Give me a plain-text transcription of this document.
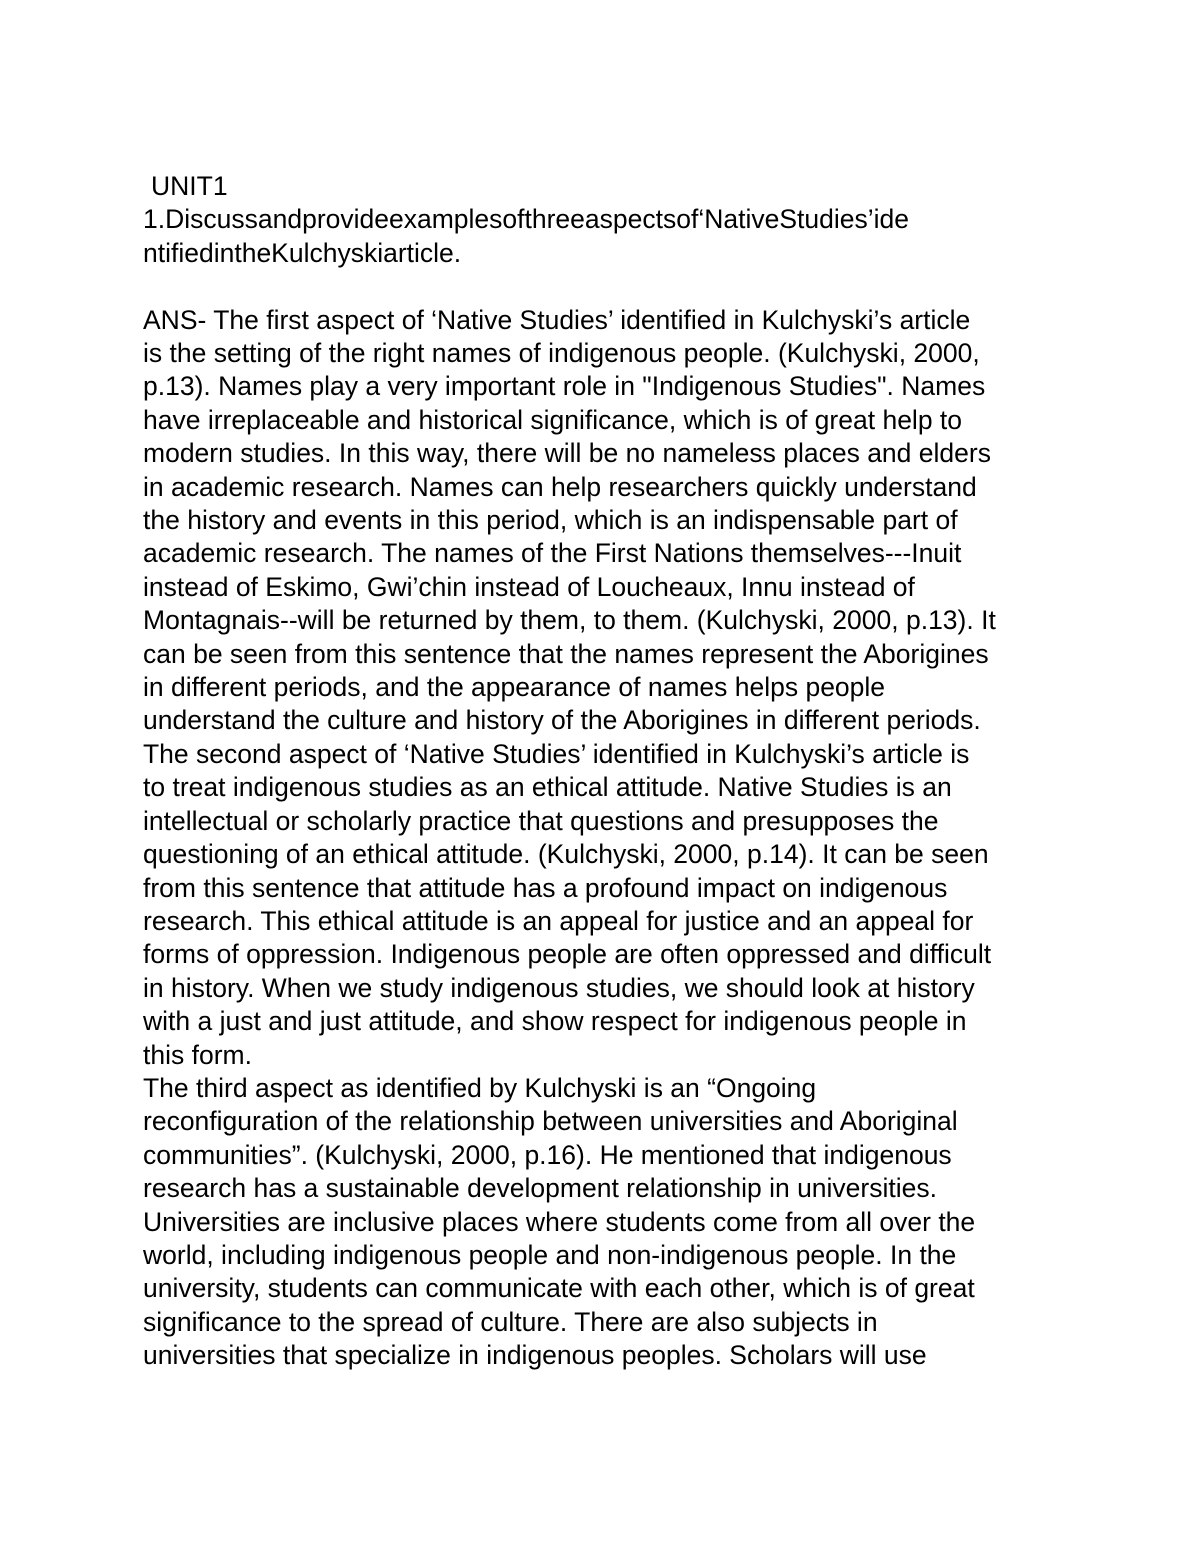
UNIT1
1.Discussandprovideexamplesofthreeaspectsof‘NativeStudies’ide
ntifiedintheKulchyskiarticle.
ANS- The first aspect of ‘Native Studies’ identified in Kulchyski’s article
is the setting of the right names of indigenous people. (Kulchyski, 2000,
p.13). Names play a very important role in "Indigenous Studies". Names
have irreplaceable and historical significance, which is of great help to
modern studies. In this way, there will be no nameless places and elders
in academic research. Names can help researchers quickly understand
the history and events in this period, which is an indispensable part of
academic research. The names of the First Nations themselves---Inuit
instead of Eskimo, Gwi’chin instead of Loucheaux, Innu instead of
Montagnais--will be returned by them, to them. (Kulchyski, 2000, p.13). It
can be seen from this sentence that the names represent the Aborigines
in different periods, and the appearance of names helps people
understand the culture and history of the Aborigines in different periods.
The second aspect of ‘Native Studies’ identified in Kulchyski’s article is
to treat indigenous studies as an ethical attitude. Native Studies is an
intellectual or scholarly practice that questions and presupposes the
questioning of an ethical attitude. (Kulchyski, 2000, p.14). It can be seen
from this sentence that attitude has a profound impact on indigenous
research. This ethical attitude is an appeal for justice and an appeal for
forms of oppression. Indigenous people are often oppressed and difficult
in history. When we study indigenous studies, we should look at history
with a just and just attitude, and show respect for indigenous people in
this form.
The third aspect as identified by Kulchyski is an “Ongoing
reconfiguration of the relationship between universities and Aboriginal
communities”. (Kulchyski, 2000, p.16). He mentioned that indigenous
research has a sustainable development relationship in universities.
Universities are inclusive places where students come from all over the
world, including indigenous people and non-indigenous people. In the
university, students can communicate with each other, which is of great
significance to the spread of culture. There are also subjects in
universities that specialize in indigenous peoples. Scholars will use
